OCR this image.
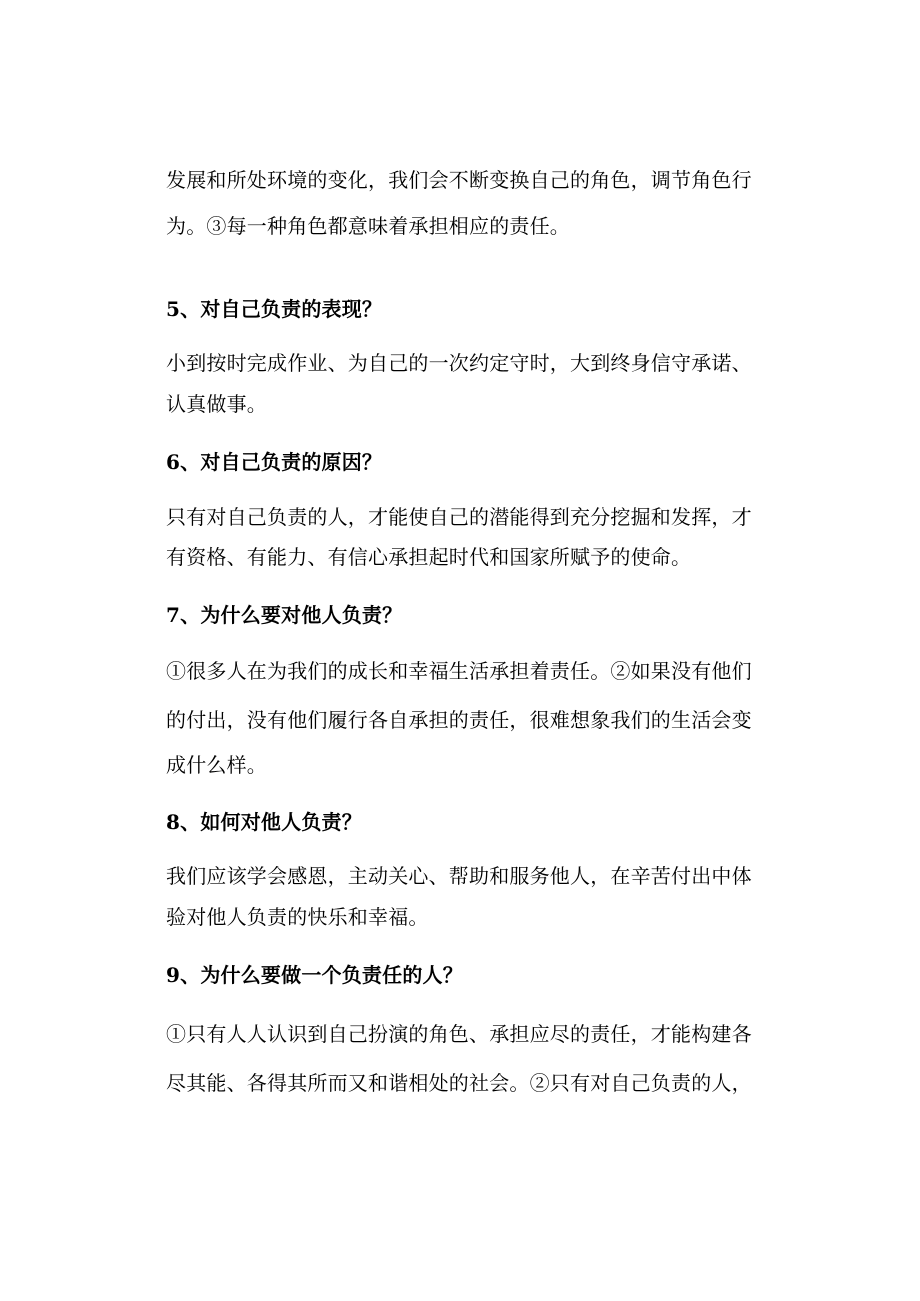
发展和所处环境的变化，我们会不断变换自己的角色，调节角色行
为。③每一种角色都意味着承担相应的责任。
5、对自己负责的表现？
小到按时完成作业、为自己的一次约定守时，大到终身信守承诺、
认真做事。
6、对自己负责的原因？
只有对自己负责的人，才能使自己的潜能得到充分挖掘和发挥，才
有资格、有能力、有信心承担起时代和国家所赋予的使命。
7、为什么要对他人负责？
①很多人在为我们的成长和幸福生活承担着责任。②如果没有他们
的付出，没有他们履行各自承担的责任，很难想象我们的生活会变
成什么样。
8、如何对他人负责？
我们应该学会感恩，主动关心、帮助和服务他人，在辛苦付出中体
验对他人负责的快乐和幸福。
9、为什么要做一个负责任的人？
①只有人人认识到自己扮演的角色、承担应尽的责任，才能构建各
尽其能、各得其所而又和谐相处的社会。②只有对自己负责的人，
